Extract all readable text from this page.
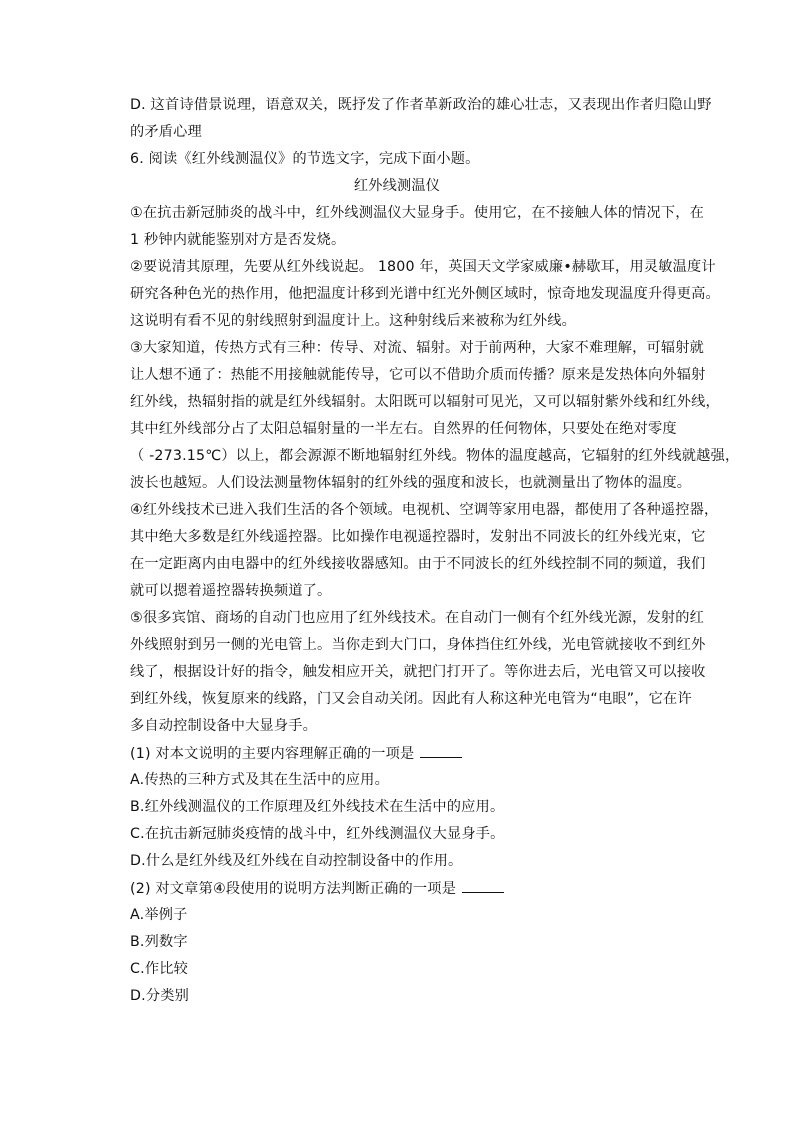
D. 这首诗借景说理，语意双关，既抒发了作者革新政治的雄心壮志，又表现出作者归隐山野
的矛盾心理
6. 阅读《红外线测温仪》的节选文字，完成下面小题。
红外线测温仪
①在抗击新冠肺炎的战斗中，红外线测温仪大显身手。使用它，在不接触人体的情况下，在
1 秒钟内就能鉴别对方是否发烧。
②要说清其原理，先要从红外线说起。 1800 年，英国天文学家威廉•赫歇耳，用灵敏温度计
研究各种色光的热作用，他把温度计移到光谱中红光外侧区域时，惊奇地发现温度升得更高。
这说明有看不见的射线照射到温度计上。这种射线后来被称为红外线。
③大家知道，传热方式有三种：传导、对流、辐射。对于前两种，大家不难理解，可辐射就
让人想不通了：热能不用接触就能传导，它可以不借助介质而传播？原来是发热体向外辐射
红外线，热辐射指的就是红外线辐射。太阳既可以辐射可见光，又可以辐射紫外线和红外线，
其中红外线部分占了太阳总辐射量的一半左右。自然界的任何物体，只要处在绝对零度
（ -273.15℃）以上，都会源源不断地辐射红外线。物体的温度越高，它辐射的红外线就越强，
波长也越短。人们设法测量物体辐射的红外线的强度和波长，也就测量出了物体的温度。
④红外线技术已进入我们生活的各个领域。电视机、空调等家用电器，都使用了各种遥控器，
其中绝大多数是红外线遥控器。比如操作电视遥控器时，发射出不同波长的红外线光束，它
在一定距离内由电器中的红外线接收器感知。由于不同波长的红外线控制不同的频道，我们
就可以摁着遥控器转换频道了。
⑤很多宾馆、商场的自动门也应用了红外线技术。在自动门一侧有个红外线光源，发射的红
外线照射到另一侧的光电管上。当你走到大门口，身体挡住红外线，光电管就接收不到红外
线了，根据设计好的指令，触发相应开关，就把门打开了。等你进去后，光电管又可以接收
到红外线，恢复原来的线路，门又会自动关闭。因此有人称这种光电管为“电眼”，它在许
多自动控制设备中大显身手。
(1) 对本文说明的主要内容理解正确的一项是
A.传热的三种方式及其在生活中的应用。
B.红外线测温仪的工作原理及红外线技术在生活中的应用。
C.在抗击新冠肺炎疫情的战斗中，红外线测温仪大显身手。
D.什么是红外线及红外线在自动控制设备中的作用。
(2) 对文章第④段使用的说明方法判断正确的一项是
A.举例子
B.列数字
C.作比较
D.分类别
